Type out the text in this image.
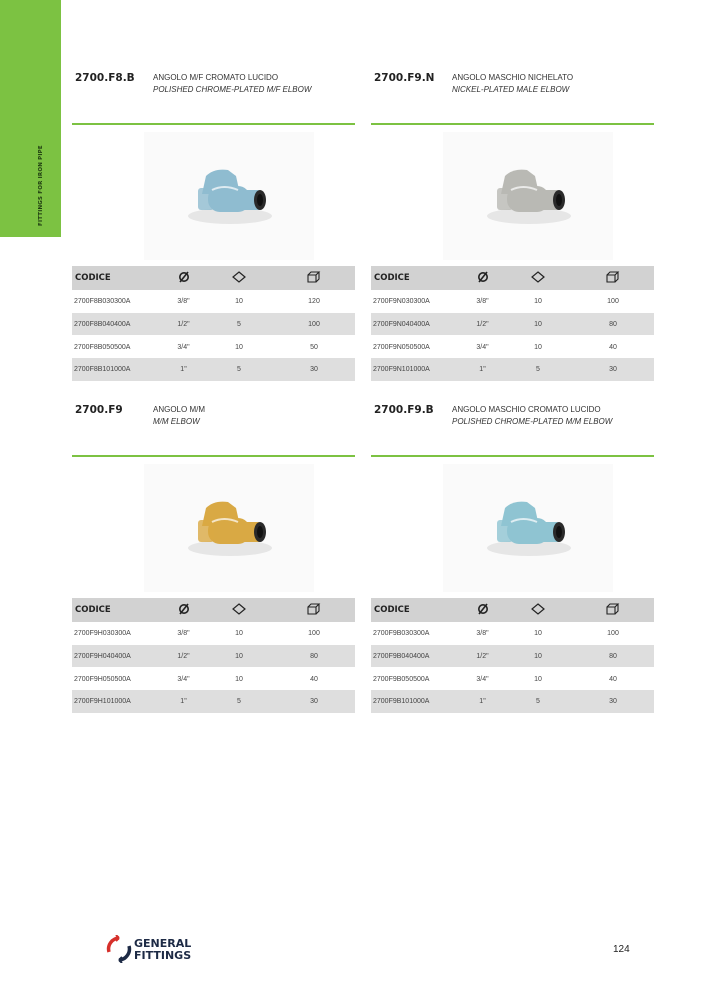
FITTINGS FOR IRON PIPE
2700.F8.B ANGOLO M/F CROMATO LUCIDO
POLISHED CHROME-PLATED M/F ELBOW
CODICE			
2700F8B030300A	3/8"	10	120
2700F8B040400A	1/2"	5	100
2700F8B050500A	3/4"	10	50
2700F8B101000A	1"	5	30
2700.F9.N ANGOLO MASCHIO NICHELATO
NICKEL-PLATED MALE ELBOW
CODICE			
2700F9N030300A	3/8"	10	100
2700F9N040400A	1/2"	10	80
2700F9N050500A	3/4"	10	40
2700F9N101000A	1"	5	30
2700.F9	ANGOLO M/M
M/M ELBOW
CODICE			
2700F9H030300A	3/8"	10	100
2700F9H040400A	1/2"	10	80
2700F9H050500A	3/4"	10	40
2700F9H101000A	1"	5	30
2700.F9.B ANGOLO MASCHIO CROMATO LUCIDO
POLISHED CHROME-PLATED M/M ELBOW
CODICE			
2700F9B030300A	3/8"	10	100
2700F9B040400A	1/2"	10	80
2700F9B050500A	3/4"	10	40
2700F9B101000A	1"	5	30
GENERAL
FITTINGS	124
